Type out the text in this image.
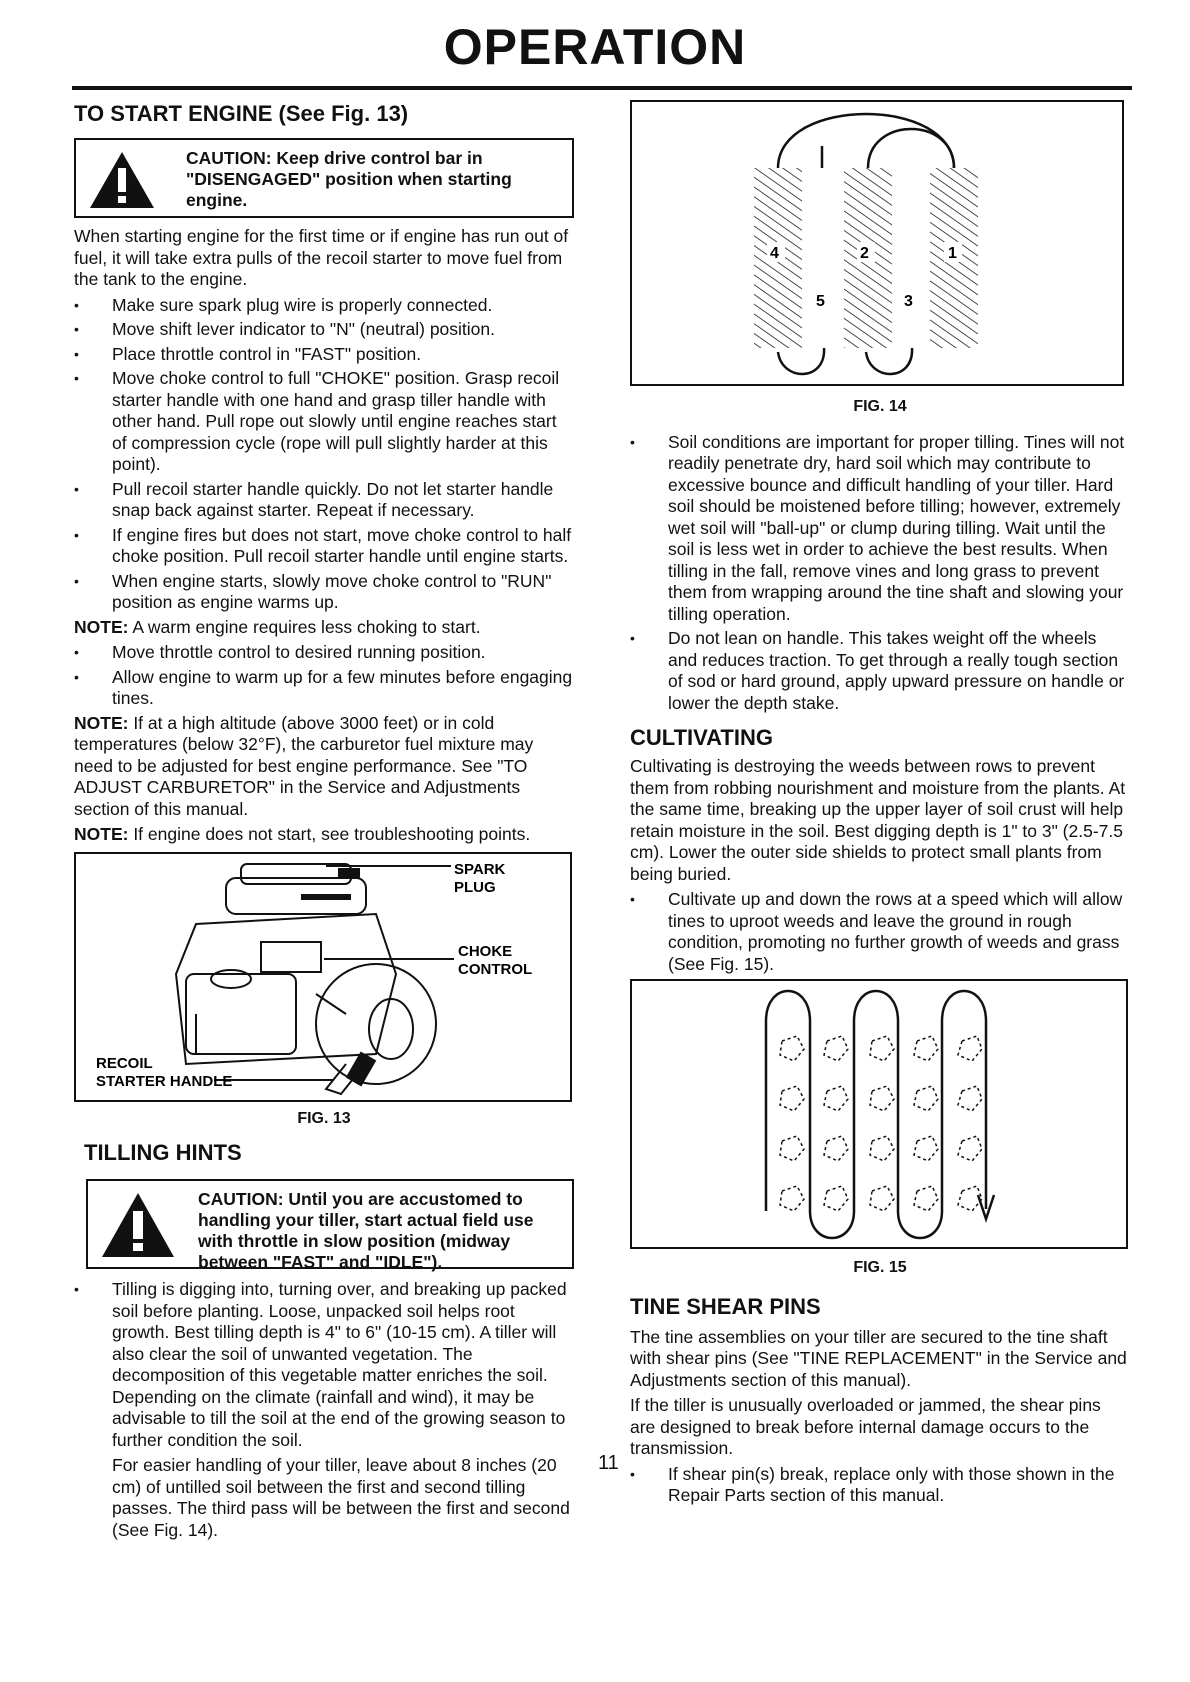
OPERATION
TO START ENGINE (See Fig. 13)
CAUTION: Keep drive control bar in "DISENGAGED" position when starting engine.

When starting engine for the first time or if engine has run out of fuel, it will take extra pulls of the recoil starter to move fuel from the tank to the engine.

• Make sure spark plug wire is properly connected.
• Move shift lever indicator to "N" (neutral) position.
• Place throttle control in "FAST" position.
• Move choke control to full "CHOKE" position. Grasp recoil starter handle with one hand and grasp tiller handle with other hand. Pull rope out slowly until engine reaches start of compression cycle (rope will pull slightly harder at this point).
• Pull recoil starter handle quickly. Do not let starter handle snap back against starter. Repeat if necessary.
• If engine fires but does not start, move choke control to half choke position. Pull recoil starter handle until engine starts.
• When engine starts, slowly move choke control to "RUN" position as engine warms up.

NOTE: A warm engine requires less choking to start.

• Move throttle control to desired running position.
• Allow engine to warm up for a few minutes before engaging tines.

NOTE: If at a high altitude (above 3000 feet) or in cold temperatures (below 32°F), the carburetor fuel mixture may need to be adjusted for best engine performance. See "TO ADJUST CARBURETOR" in the Service and Adjustments section of this manual.

NOTE: If engine does not start, see troubleshooting points.

SPARK
PLUG
CHOKE
CONTROL
RECOIL
STARTER HANDLE
FIG. 13
TILLING HINTS
CAUTION: Until you are accustomed to handling your tiller, start actual field use with throttle in slow position (midway between "FAST" and "IDLE").
• Tilling is digging into, turning over, and breaking up packed soil before planting. Loose, unpacked soil helps root growth. Best tilling depth is 4" to 6" (10-15 cm). A tiller will also clear the soil of unwanted vegetation. The decomposition of this vegetable matter enriches the soil. Depending on the climate (rainfall and wind), it may be advisable to till the soil at the end of the growing season to further condition the soil.
For easier handling of your tiller, leave about 8 inches (20 cm) of untilled soil between the first and second tilling passes. The third pass will be between the first and second (See Fig. 14).
11
4	2	1
5	3
FIG. 14
• Soil conditions are important for proper tilling. Tines will not readily penetrate dry, hard soil which may contribute to excessive bounce and difficult handling of your tiller. Hard soil should be moistened before tilling; however, extremely wet soil will "ball-up" or clump during tilling. Wait until the soil is less wet in order to achieve the best results. When tilling in the fall, remove vines and long grass to prevent them from wrapping around the tine shaft and slowing your tilling operation.
• Do not lean on handle. This takes weight off the wheels and reduces traction. To get through a really tough section of sod or hard ground, apply upward pressure on handle or lower the depth stake.
CULTIVATING

Cultivating is destroying the weeds between rows to prevent them from robbing nourishment and moisture from the plants. At the same time, breaking up the upper layer of soil crust will help retain moisture in the soil. Best digging depth is 1" to 3" (2.5-7.5 cm). Lower the outer side shields to protect small plants from being buried.

• Cultivate up and down the rows at a speed which will allow tines to uproot weeds and leave the ground in rough condition, promoting no further growth of weeds and grass (See Fig. 15).
FIG. 15
TINE SHEAR PINS

The tine assemblies on your tiller are secured to the tine shaft with shear pins (See "TINE REPLACEMENT" in the Service and Adjustments section of this manual).

If the tiller is unusually overloaded or jammed, the shear pins are designed to break before internal damage occurs to the transmission.

• If shear pin(s) break, replace only with those shown in the Repair Parts section of this manual.
